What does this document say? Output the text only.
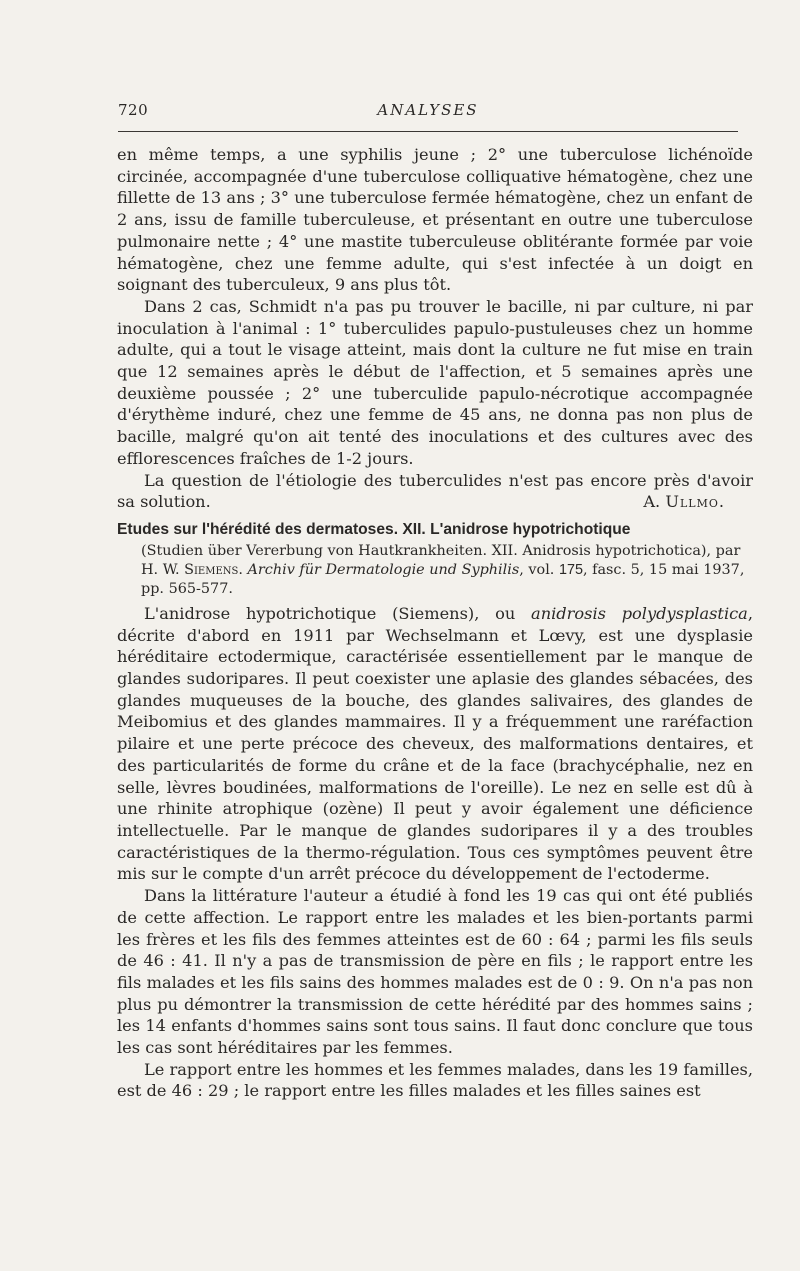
720	ANALYSES

en même temps, a une syphilis jeune ; 2° une tuberculose lichénoïde circinée, accompagnée d'une tuberculose colliquative hématogène, chez une fillette de 13 ans ; 3° une tuberculose fermée hématogène, chez un enfant de 2 ans, issu de famille tuberculeuse, et présentant en outre une tuberculose pulmonaire nette ; 4° une mastite tuberculeuse oblitérante formée par voie hématogène, chez une femme adulte, qui s'est infectée à un doigt en soignant des tuberculeux, 9 ans plus tôt.

Dans 2 cas, Schmidt n'a pas pu trouver le bacille, ni par culture, ni par inoculation à l'animal : 1° tuberculides papulo-pustuleuses chez un homme adulte, qui a tout le visage atteint, mais dont la culture ne fut mise en train que 12 semaines après le début de l'affection, et 5 semaines après une deuxième poussée ; 2° une tuberculide papulo-nécrotique accompagnée d'érythème induré, chez une femme de 45 ans, ne donna pas non plus de bacille, malgré qu'on ait tenté des inoculations et des cultures avec des efflorescences fraîches de 1-2 jours.

La question de l'étiologie des tuberculides n'est pas encore près d'avoir sa solution.	A. Ullmo.
Etudes sur l'hérédité des dermatoses. XII. L'anidrose hypotrichotique
(Studien über Vererbung von Hautkrankheiten. XII. Anidrosis hypotrichotica), par H. W. Siemens. Archiv für Dermatologie und Syphilis, vol. 175, fasc. 5, 15 mai 1937, pp. 565-577.

L'anidrose hypotrichotique (Siemens), ou anidrosis polydysplastica, décrite d'abord en 1911 par Wechselmann et Lœvy, est une dysplasie héréditaire ectodermique, caractérisée essentiellement par le manque de glandes sudoripares. Il peut coexister une aplasie des glandes sébacées, des glandes muqueuses de la bouche, des glandes salivaires, des glandes de Meibomius et des glandes mammaires. Il y a fréquemment une raréfaction pilaire et une perte précoce des cheveux, des malformations dentaires, et des particularités de forme du crâne et de la face (brachycéphalie, nez en selle, lèvres boudinées, malformations de l'oreille). Le nez en selle est dû à une rhinite atrophique (ozène) Il peut y avoir également une déficience intellectuelle. Par le manque de glandes sudoripares il y a des troubles caractéristiques de la thermo-régulation. Tous ces symptômes peuvent être mis sur le compte d'un arrêt précoce du développement de l'ectoderme.

Dans la littérature l'auteur a étudié à fond les 19 cas qui ont été publiés de cette affection. Le rapport entre les malades et les bien-portants parmi les frères et les fils des femmes atteintes est de 60 : 64 ; parmi les fils seuls de 46 : 41. Il n'y a pas de transmission de père en fils ; le rapport entre les fils malades et les fils sains des hommes malades est de 0 : 9. On n'a pas non plus pu démontrer la transmission de cette hérédité par des hommes sains ; les 14 enfants d'hommes sains sont tous sains. Il faut donc conclure que tous les cas sont héréditaires par les femmes.

Le rapport entre les hommes et les femmes malades, dans les 19 familles, est de 46 : 29 ; le rapport entre les filles malades et les filles saines est
